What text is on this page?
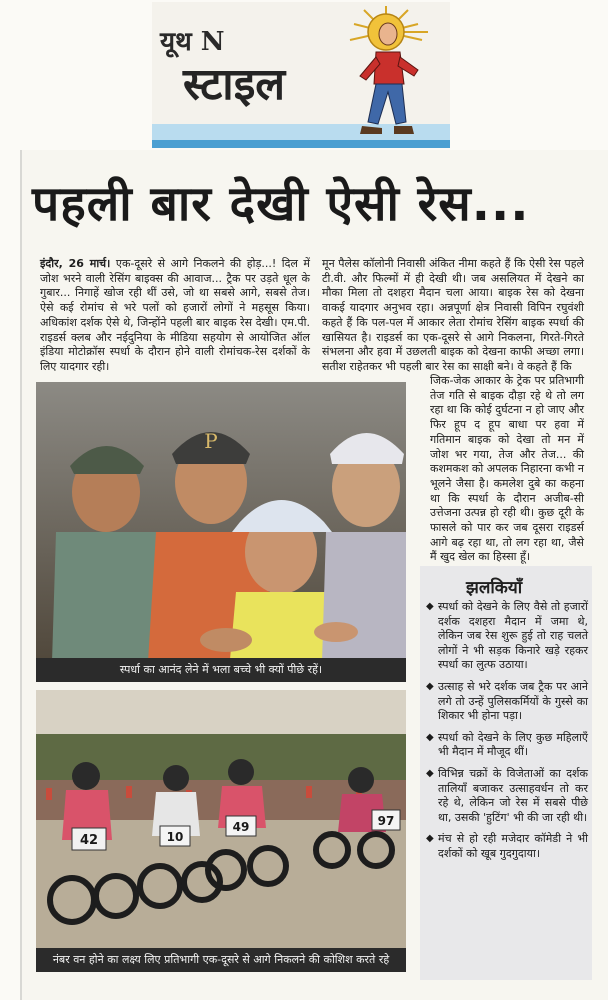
यूथ N
स्टाइल
पहली बार देखी ऐसी रेस...
इंदौर, 26 मार्च। एक-दूसरे से आगे निकलने की होड़...! दिल में जोश भरने वाली रेसिंग बाइक्स की आवाज... ट्रैक पर उड़ते धूल के गुबार... निगाहें खोज रही थीं उसे, जो था सबसे आगे, सबसे तेज। ऐसे कई रोमांच से भरे पलों को हजारों लोगों ने महसूस किया। अधिकांश दर्शक ऐसे थे, जिन्होंने पहली बार बाइक रेस देखी। एम.पी. राइडर्स क्लब और नईदुनिया के मीडिया सहयोग से आयोजित ऑल इंडिया मोटोक्रॉस स्पर्धा के दौरान होने वाली रोमांचक-रेस दर्शकों के लिए यादगार रही।
मून पैलेस कॉलोनी निवासी अंकित नीमा कहते हैं कि ऐसी रेस पहले टी.वी. और फिल्मों में ही देखी थी। जब असलियत में देखने का मौका मिला तो दशहरा मैदान चला आया। बाइक रेस को देखना वाकई यादगार अनुभव रहा। अन्नपूर्णा क्षेत्र निवासी विपिन रघुवंशी कहते हैं कि पल-पल में आकार लेता रोमांच रेसिंग बाइक स्पर्धा की खासियत है। राइडर्स का एक-दूसरे से आगे निकलना, गिरते-गिरते संभलना और हवा में उछलती बाइक को देखना काफी अच्छा लगा। सतीश राहेतकर भी पहली बार रेस का साक्षी बने। वे कहते हैं कि
जिक-जेक आकार के ट्रेक पर प्रतिभागी तेज गति से बाइक दौड़ा रहे थे तो लग रहा था कि कोई दुर्घटना न हो जाए और फिर हूप द हूप बाधा पर हवा में गतिमान बाइक को देखा तो मन में जोश भर गया, तेज और तेज... की कशमकश को अपलक निहारना कभी न भूलने जैसा है। कमलेश दुबे का कहना था कि स्पर्धा के दौरान अजीब-सी उत्तेजना उत्पन्न हो रही थी। कुछ दूरी के फासले को पार कर जब दूसरा राइडर्स आगे बढ़ रहा था, तो लग रहा था, जैसे मैं खुद खेल का हिस्सा हूँ।
P
स्पर्धा का आनंद लेने में भला बच्चे भी क्यों पीछे रहें।
42	10
49	97
नंबर वन होने का लक्ष्य लिए प्रतिभागी एक-दूसरे से आगे निकलने की कोशिश करते रहे
झलकियाँ
◆ स्पर्धा को देखने के लिए वैसे तो हजारों दर्शक दशहरा मैदान में जमा थे, लेकिन जब रेस शुरू हुई तो राह चलते लोगों ने भी सड़क किनारे खड़े रहकर स्पर्धा का लुत्फ उठाया।
◆ उत्साह से भरे दर्शक जब ट्रैक पर आने लगे तो उन्हें पुलिसकर्मियों के गुस्से का शिकार भी होना पड़ा।
◆ स्पर्धा को देखने के लिए कुछ महिलाएँ भी मैदान में मौजूद थीं।
◆ विभिन्न चक्रों के विजेताओं का दर्शक तालियाँ बजाकर उत्साहवर्धन तो कर रहे थे, लेकिन जो रेस में सबसे पीछे था, उसकी 'हुटिंग' भी की जा रही थी।
◆ मंच से हो रही मजेदार कॉमेडी ने भी दर्शकों को खूब गुदगुदाया।
